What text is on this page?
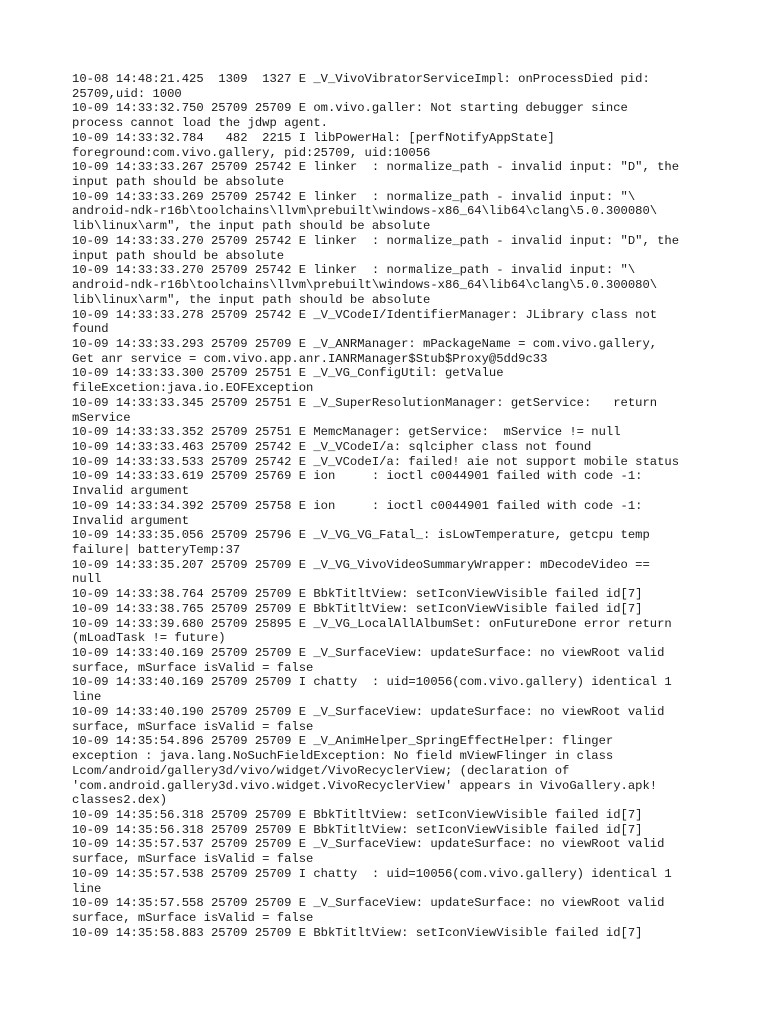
10-08 14:48:21.425  1309  1327 E _V_VivoVibratorServiceImpl: onProcessDied pid:
25709,uid: 1000
10-09 14:33:32.750 25709 25709 E om.vivo.galler: Not starting debugger since
process cannot load the jdwp agent.
10-09 14:33:32.784   482  2215 I libPowerHal: [perfNotifyAppState]
foreground:com.vivo.gallery, pid:25709, uid:10056
10-09 14:33:33.267 25709 25742 E linker  : normalize_path - invalid input: "D", the
input path should be absolute
10-09 14:33:33.269 25709 25742 E linker  : normalize_path - invalid input: "\
android-ndk-r16b\toolchains\llvm\prebuilt\windows-x86_64\lib64\clang\5.0.300080\
lib\linux\arm", the input path should be absolute
10-09 14:33:33.270 25709 25742 E linker  : normalize_path - invalid input: "D", the
input path should be absolute
10-09 14:33:33.270 25709 25742 E linker  : normalize_path - invalid input: "\
android-ndk-r16b\toolchains\llvm\prebuilt\windows-x86_64\lib64\clang\5.0.300080\
lib\linux\arm", the input path should be absolute
10-09 14:33:33.278 25709 25742 E _V_VCodeI/IdentifierManager: JLibrary class not
found
10-09 14:33:33.293 25709 25709 E _V_ANRManager: mPackageName = com.vivo.gallery,
Get anr service = com.vivo.app.anr.IANRManager$Stub$Proxy@5dd9c33
10-09 14:33:33.300 25709 25751 E _V_VG_ConfigUtil: getValue
fileExcetion:java.io.EOFException
10-09 14:33:33.345 25709 25751 E _V_SuperResolutionManager: getService:   return
mService
10-09 14:33:33.352 25709 25751 E MemcManager: getService:  mService != null
10-09 14:33:33.463 25709 25742 E _V_VCodeI/a: sqlcipher class not found
10-09 14:33:33.533 25709 25742 E _V_VCodeI/a: failed! aie not support mobile status
10-09 14:33:33.619 25709 25769 E ion     : ioctl c0044901 failed with code -1:
Invalid argument
10-09 14:33:34.392 25709 25758 E ion     : ioctl c0044901 failed with code -1:
Invalid argument
10-09 14:33:35.056 25709 25796 E _V_VG_VG_Fatal_: isLowTemperature, getcpu temp
failure| batteryTemp:37
10-09 14:33:35.207 25709 25709 E _V_VG_VivoVideoSummaryWrapper: mDecodeVideo ==
null
10-09 14:33:38.764 25709 25709 E BbkTitltView: setIconViewVisible failed id[7]
10-09 14:33:38.765 25709 25709 E BbkTitltView: setIconViewVisible failed id[7]
10-09 14:33:39.680 25709 25895 E _V_VG_LocalAllAlbumSet: onFutureDone error return
(mLoadTask != future)
10-09 14:33:40.169 25709 25709 E _V_SurfaceView: updateSurface: no viewRoot valid
surface, mSurface isValid = false
10-09 14:33:40.169 25709 25709 I chatty  : uid=10056(com.vivo.gallery) identical 1
line
10-09 14:33:40.190 25709 25709 E _V_SurfaceView: updateSurface: no viewRoot valid
surface, mSurface isValid = false
10-09 14:35:54.896 25709 25709 E _V_AnimHelper_SpringEffectHelper: flinger
exception : java.lang.NoSuchFieldException: No field mViewFlinger in class
Lcom/android/gallery3d/vivo/widget/VivoRecyclerView; (declaration of
'com.android.gallery3d.vivo.widget.VivoRecyclerView' appears in VivoGallery.apk!
classes2.dex)
10-09 14:35:56.318 25709 25709 E BbkTitltView: setIconViewVisible failed id[7]
10-09 14:35:56.318 25709 25709 E BbkTitltView: setIconViewVisible failed id[7]
10-09 14:35:57.537 25709 25709 E _V_SurfaceView: updateSurface: no viewRoot valid
surface, mSurface isValid = false
10-09 14:35:57.538 25709 25709 I chatty  : uid=10056(com.vivo.gallery) identical 1
line
10-09 14:35:57.558 25709 25709 E _V_SurfaceView: updateSurface: no viewRoot valid
surface, mSurface isValid = false
10-09 14:35:58.883 25709 25709 E BbkTitltView: setIconViewVisible failed id[7]
